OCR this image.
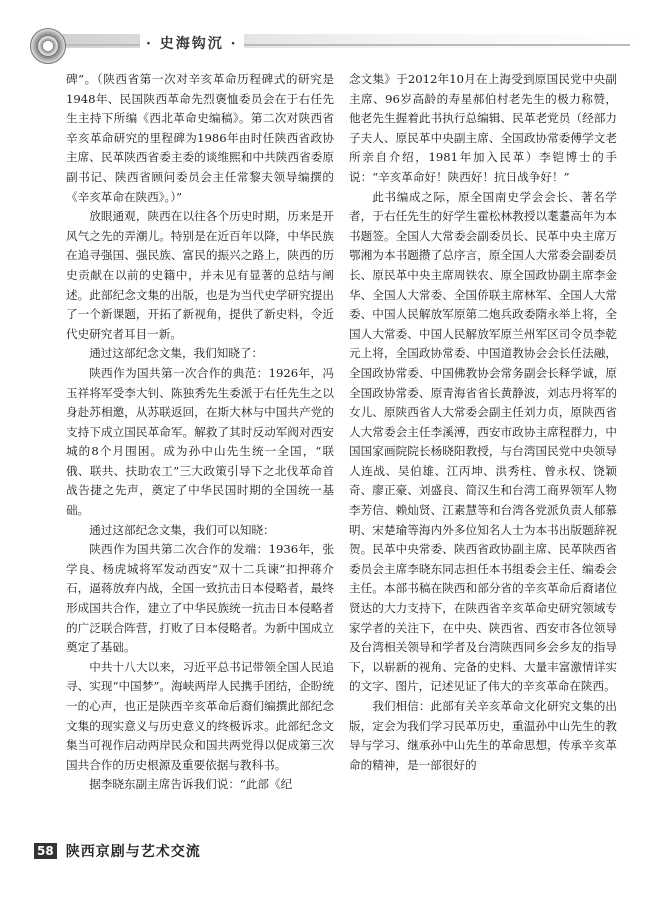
· 史海钩沉 ·

碑”。（陕西省第一次对辛亥革命历程碑式的研究是1948年、民国陕西革命先烈褒恤委员会在于右任先生主持下所编《西北革命史编稿》。第二次对陕西省辛亥革命研究的里程碑为1986年由时任陕西省政协主席、民革陕西省委主委的谈维熙和中共陕西省委原副书记、陕西省顾问委员会主任常黎夫领导编撰的《辛亥革命在陕西》。）”

放眼通观，陕西在以往各个历史时期，历来是开风气之先的弄潮儿。特别是在近百年以降，中华民族在追寻强国、强民族、富民的振兴之路上，陕西的历史贡献在以前的史籍中，并未见有显著的总结与阐述。此部纪念文集的出版，也是为当代史学研究提出了一个新课题，开拓了新视角，提供了新史料，令近代史研究者耳目一新。

通过这部纪念文集，我们知晓了：

陕西作为国共第一次合作的典范：1926年，冯玉祥将军受李大钊、陈独秀先生委派于右任先生之以身赴苏相邀，从苏联返回，在斯大林与中国共产党的支持下成立国民革命军。解救了其时反动军阀对西安城的8个月围困。成为孙中山先生统一全国，“联俄、联共、扶助农工”三大政策引导下之北伐革命首战告捷之先声，奠定了中华民国时期的全国统一基础。

通过这部纪念文集，我们可以知晓：

陕西作为国共第二次合作的发端：1936年，张学良、杨虎城将军发动西安“双十二兵谏”扣押蒋介石，逼蒋放弃内战，全国一致抗击日本侵略者，最终形成国共合作，建立了中华民族统一抗击日本侵略者的广泛联合阵营，打败了日本侵略者。为新中国成立奠定了基础。

中共十八大以来，习近平总书记带领全国人民追寻、实现“中国梦”。海峡两岸人民携手团结，企盼统一的心声，也正是陕西辛亥革命后裔们编撰此部纪念文集的现实意义与历史意义的终极诉求。此部纪念文集当可视作启动两岸民众和国共两党得以促成第三次国共合作的历史根源及重要依据与教科书。

据李晓东副主席告诉我们说：“此部《纪

念文集》于2012年10月在上海受到原国民党中央副主席、96岁高龄的寿星郝伯村老先生的极力称赞，他老先生握着此书执行总编辑、民革老党员（经部力子夫人、原民革中央副主席、全国政协常委傅学文老所亲自介绍，1981年加入民革）李铠博士的手说：“辛亥革命好！陕西好！抗日战争好！”

此书编成之际，原全国南史学会会长、著名学者，于右任先生的好学生霍松林教授以耄耋高年为本书题签。全国人大常委会副委员长、民革中央主席万鄂湘为本书题攒了总序言，原全国人大常委会副委员长、原民革中央主席周铁农、原全国政协副主席李金华、全国人大常委、全国侨联主席林军、全国人大常委、中国人民解放军原第二炮兵政委隋永举上将，全国人大常委、中国人民解放军原兰州军区司令员李乾元上将，全国政协常委、中国道教协会会长任法融，全国政协常委、中国佛教协会常务副会长释学诚，原全国政协常委、原青海省省长黄静波，刘志丹将军的女儿、原陕西省人大常委会副主任刘力贞，原陕西省人大常委会主任李溪溥，西安市政协主席程群力，中国国家画院院长杨晓阳教授，与台湾国民党中央领导人连战、吴伯雄、江丙坤、洪秀柱、曾永权、饶颖奇、廖正豪、刘盛良、简汉生和台湾工商界领军人物李芳信、赖灿贤、江素慧等和台湾各党派负责人郁慕明、宋楚瑜等海内外多位知名人士为本书出版题辞祝贺。民革中央常委、陕西省政协副主席、民革陕西省委员会主席李晓东同志担任本书组委会主任、编委会主任。本部书稿在陕西和部分省的辛亥革命后裔诸位贤达的大力支持下，在陕西省辛亥革命史研究领域专家学者的关注下，在中央、陕西省、西安市各位领导及台湾相关领导和学者及台湾陕西同乡会乡友的指导下，以崭新的视角、完备的史料、大量丰富激情详实的文字、图片，记述见证了伟大的辛亥革命在陕西。

我们相信：此部有关辛亥革命文化研究文集的出版，定会为我们学习民革历史，重温孙中山先生的教导与学习、继承孙中山先生的革命思想，传承辛亥革命的精神，是一部很好的

58 陕西京剧与艺术交流
